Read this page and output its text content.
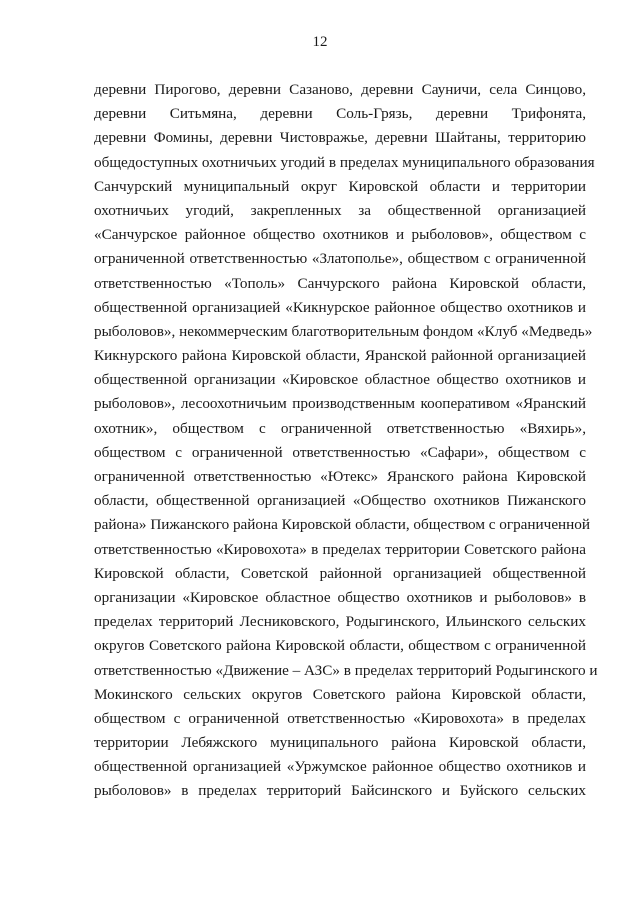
12
деревни Пирогово, деревни Сазаново, деревни Сауничи, села Синцово,
деревни Ситьмяна, деревни Соль-Грязь, деревни Трифонята,
деревни Фомины, деревни Чистовражье, деревни Шайтаны, территорию
общедоступных охотничьих угодий в пределах муниципального образования
Санчурский муниципальный округ Кировской области и территории
охотничьих угодий, закрепленных за общественной организацией
«Санчурское районное общество охотников и рыболовов», обществом с
ограниченной ответственностью «Златополье», обществом с ограниченной
ответственностью «Тополь» Санчурского района Кировской области,
общественной организацией «Кикнурское районное общество охотников и
рыболовов», некоммерческим благотворительным фондом «Клуб «Медведь»
Кикнурского района Кировской области, Яранской районной организацией
общественной организации «Кировское областное общество охотников и
рыболовов», лесоохотничьим производственным кооперативом «Яранский
охотник», обществом с ограниченной ответственностью «Вяхирь»,
обществом с ограниченной ответственностью «Сафари», обществом с
ограниченной ответственностью «Ютекс» Яранского района Кировской
области, общественной организацией «Общество охотников Пижанского
района» Пижанского района Кировской области, обществом с ограниченной
ответственностью «Кировохота» в пределах территории Советского района
Кировской области, Советской районной организацией общественной
организации «Кировское областное общество охотников и рыболовов» в
пределах территорий Лесниковского, Родыгинского, Ильинского сельских
округов Советского района Кировской области, обществом с ограниченной
ответственностью «Движение – АЗС» в пределах территорий Родыгинского и
Мокинского сельских округов Советского района Кировской области,
обществом с ограниченной ответственностью «Кировохота» в пределах
территории Лебяжского муниципального района Кировской области,
общественной организацией «Уржумское районное общество охотников и
рыболовов» в пределах территорий Байсинского и Буйского сельских
